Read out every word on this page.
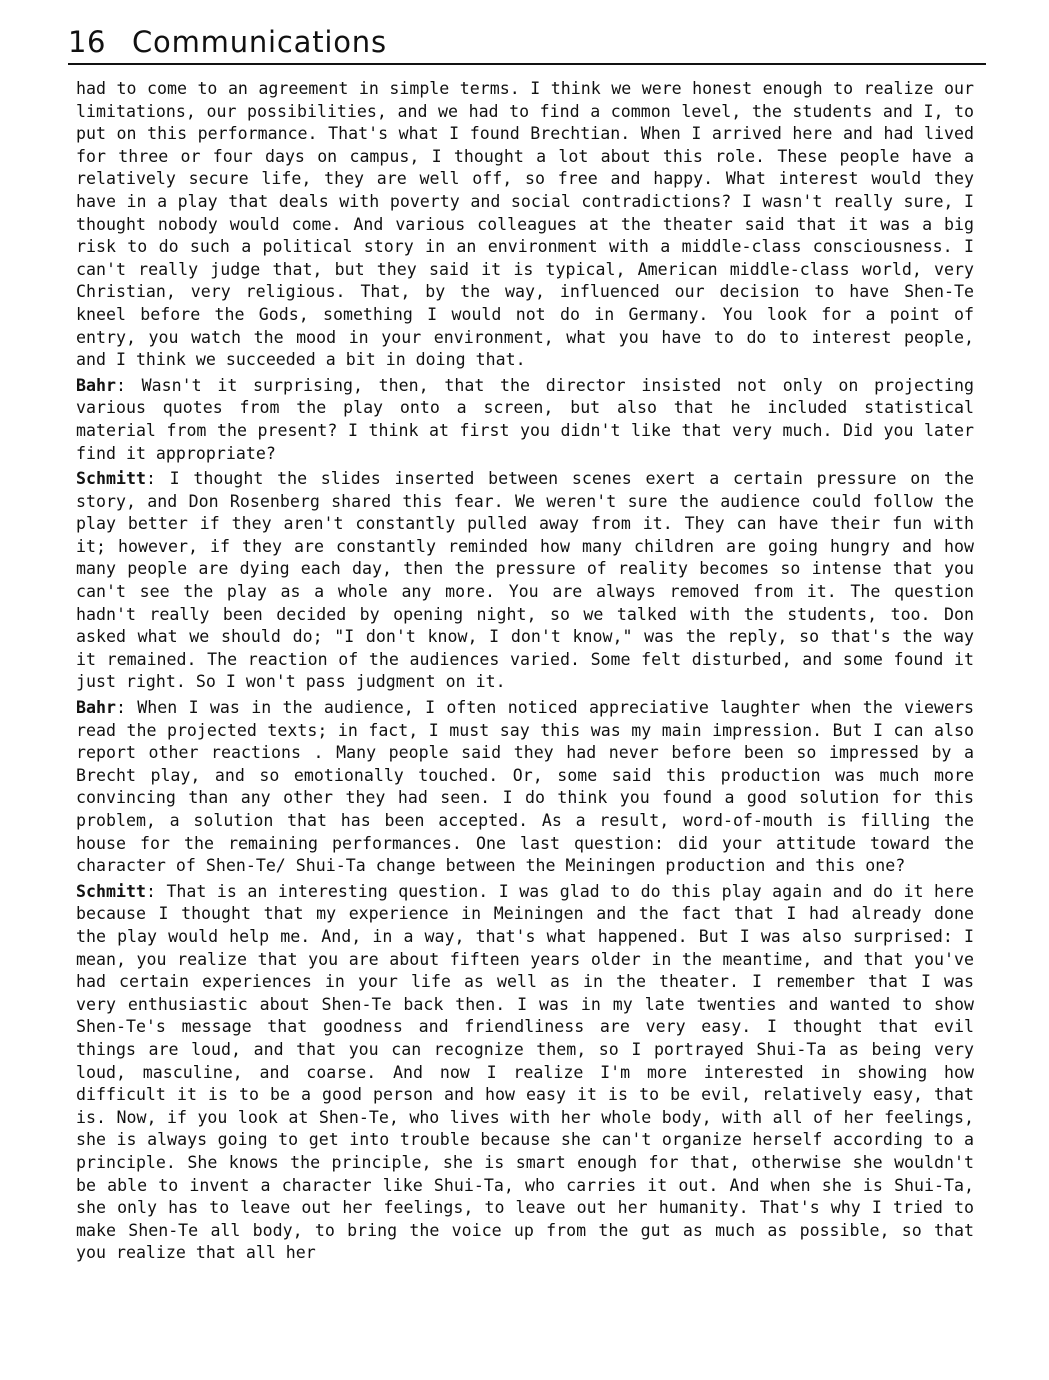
16 Communications

had to come to an agreement in simple terms. I think we were honest enough to realize our limitations, our possibilities, and we had to find a common level, the students and I, to put on this performance. That's what I found Brechtian. When I arrived here and had lived for three or four days on campus, I thought a lot about this role. These people have a relatively secure life, they are well off, so free and happy. What interest would they have in a play that deals with poverty and social contradictions? I wasn't really sure, I thought nobody would come. And various colleagues at the theater said that it was a big risk to do such a political story in an environment with a middle-class consciousness. I can't really judge that, but they said it is typical, American middle-class world, very Christian, very religious. That, by the way, influenced our decision to have Shen-Te kneel before the Gods, something I would not do in Germany. You look for a point of entry, you watch the mood in your environment, what you have to do to interest people, and I think we succeeded a bit in doing that.

Bahr: Wasn't it surprising, then, that the director insisted not only on projecting various quotes from the play onto a screen, but also that he included statistical material from the present? I think at first you didn't like that very much. Did you later find it appropriate?

Schmitt: I thought the slides inserted between scenes exert a certain pressure on the story, and Don Rosenberg shared this fear. We weren't sure the audience could follow the play better if they aren't constantly pulled away from it. They can have their fun with it; however, if they are constantly reminded how many children are going hungry and how many people are dying each day, then the pressure of reality becomes so intense that you can't see the play as a whole any more. You are always removed from it. The question hadn't really been decided by opening night, so we talked with the students, too. Don asked what we should do; "I don't know, I don't know," was the reply, so that's the way it remained. The reaction of the audiences varied. Some felt disturbed, and some found it just right. So I won't pass judgment on it.

Bahr: When I was in the audience, I often noticed appreciative laughter when the viewers read the projected texts; in fact, I must say this was my main impression. But I can also report other reactions . Many people said they had never before been so impressed by a Brecht play, and so emotionally touched. Or, some said this production was much more convincing than any other they had seen. I do think you found a good solution for this problem, a solution that has been accepted. As a result, word-of-mouth is filling the house for the remaining performances. One last question: did your attitude toward the character of Shen-Te/ Shui-Ta change between the Meiningen production and this one?

Schmitt: That is an interesting question. I was glad to do this play again and do it here because I thought that my experience in Meiningen and the fact that I had already done the play would help me. And, in a way, that's what happened. But I was also surprised: I mean, you realize that you are about fifteen years older in the meantime, and that you've had certain experiences in your life as well as in the theater. I remember that I was very enthusiastic about Shen-Te back then. I was in my late twenties and wanted to show Shen-Te's message that goodness and friendliness are very easy. I thought that evil things are loud, and that you can recognize them, so I portrayed Shui-Ta as being very loud, masculine, and coarse. And now I realize I'm more interested in showing how difficult it is to be a good person and how easy it is to be evil, relatively easy, that is. Now, if you look at Shen-Te, who lives with her whole body, with all of her feelings, she is always going to get into trouble because she can't organize herself according to a principle. She knows the principle, she is smart enough for that, otherwise she wouldn't be able to invent a character like Shui-Ta, who carries it out. And when she is Shui-Ta, she only has to leave out her feelings, to leave out her humanity. That's why I tried to make Shen-Te all body, to bring the voice up from the gut as much as possible, so that you realize that all her
